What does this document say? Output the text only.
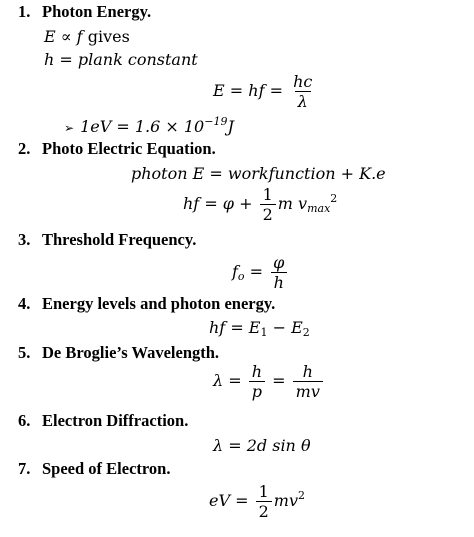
1. Photon Energy.
2. Photo Electric Equation.
3. Threshold Frequency.
4. Energy levels and photon energy.
5. De Broglie’s Wavelength.
6. Electron Diffraction.
7. Speed of Electron.
E ∝ f gives
h = plank constant
E = hf = $\frac{hc}{\lambda}$
➢ $1eV = 1.6 \times 10^{-19}J$
photon E = workfunction + K.e
hf = $\varphi + \frac{1}{2}$ m $v_{max}^2$
$f_o = \frac{\varphi}{h}$
hf = $E_1 - E_2$
$\lambda = \frac{h}{p} = \frac{h}{mv}$
λ = 2d sin θ
eV = $\frac{1}{2} mv^2$
